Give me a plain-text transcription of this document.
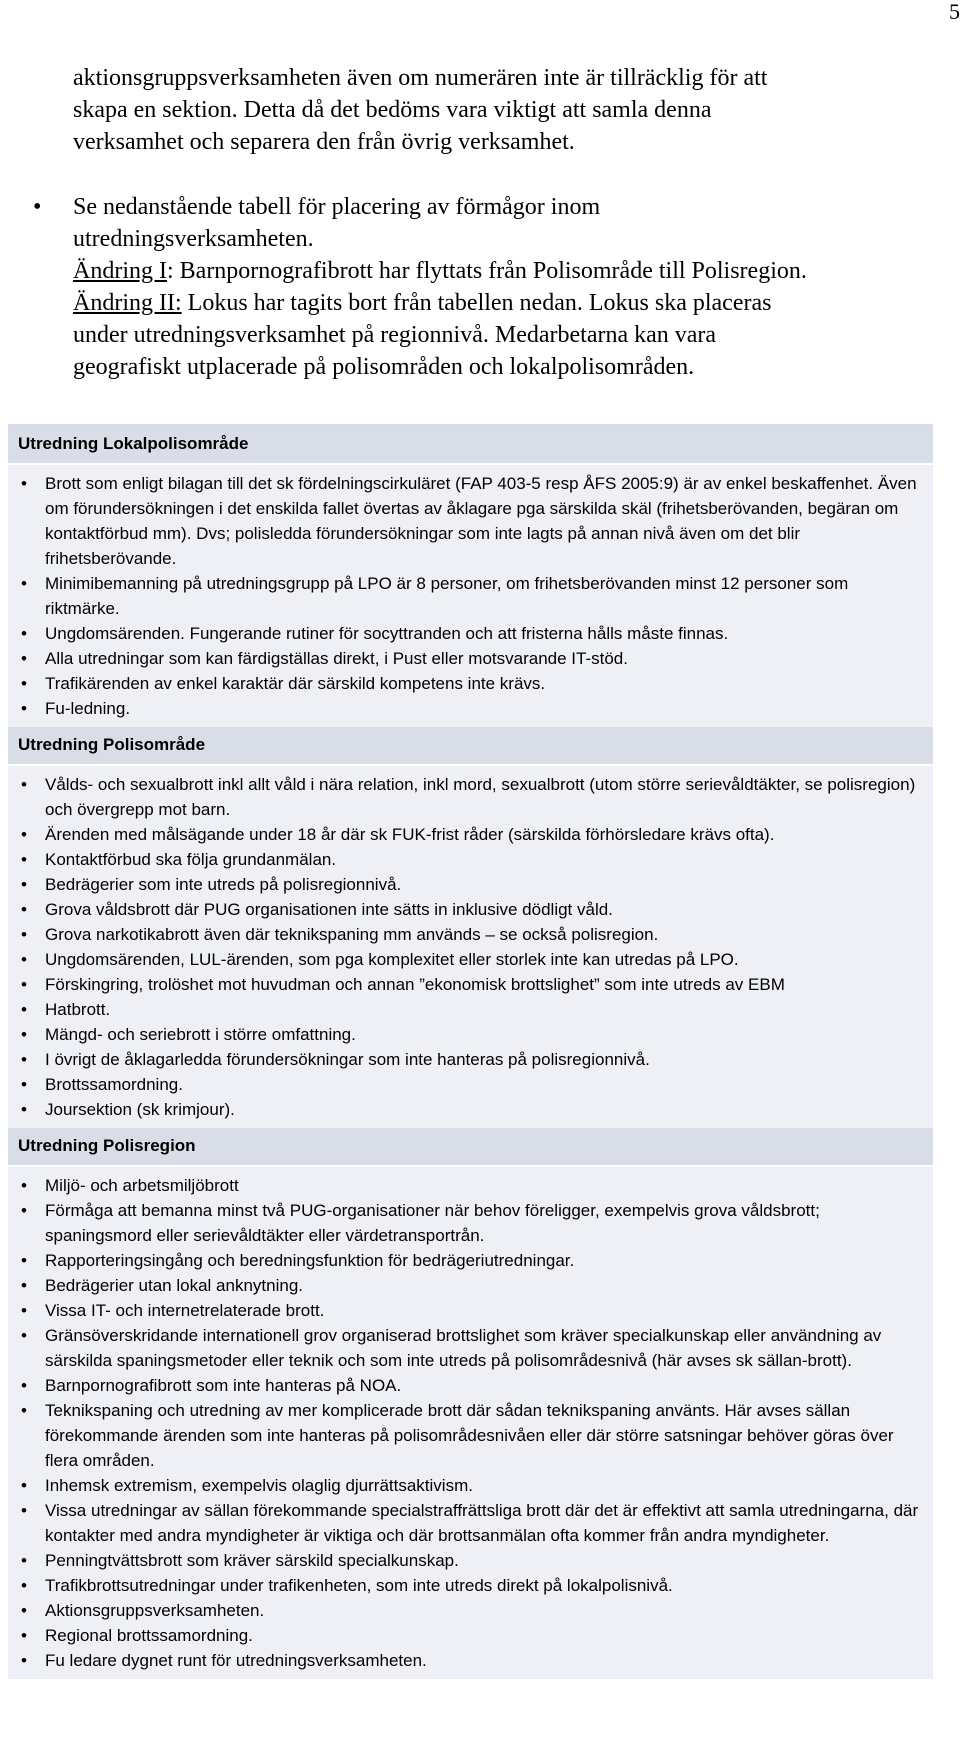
5

aktionsgruppsverksamheten även om numerären inte är tillräcklig för att

skapa en sektion. Detta då det bedöms vara viktigt att samla denna

verksamhet och separera den från övrig verksamhet.

• Se nedanstående tabell för placering av förmågor inom

utredningsverksamheten.

Ändring I: Barnpornografibrott har flyttats från Polisområde till Polisregion.

Ändring II: Lokus har tagits bort från tabellen nedan. Lokus ska placeras

under utredningsverksamhet på regionnivå. Medarbetarna kan vara

geografiskt utplacerade på polisområden och lokalpolisområden.

Utredning Lokalpolisområde
• Brott som enligt bilagan till det sk fördelningscirkuläret (FAP 403-5 resp ÅFS 2005:9) är av enkel beskaffenhet. Även om förundersökningen i det enskilda fallet övertas av åklagare pga särskilda skäl (frihetsberövanden, begäran om kontaktförbud mm). Dvs; polisledda förundersökningar som inte lagts på annan nivå även om det blir frihetsberövande.
• Minimibemanning på utredningsgrupp på LPO är 8 personer, om frihetsberövanden minst 12 personer som riktmärke.
• Ungdomsärenden. Fungerande rutiner för socyttranden och att fristerna hålls måste finnas.
• Alla utredningar som kan färdigställas direkt, i Pust eller motsvarande IT-stöd.
• Trafikärenden av enkel karaktär där särskild kompetens inte krävs.
• Fu-ledning.
Utredning Polisområde
• Vålds- och sexualbrott inkl allt våld i nära relation, inkl mord, sexualbrott (utom större serievåldtäkter, se polisregion) och övergrepp mot barn.
• Ärenden med målsägande under 18 år där sk FUK-frist råder (särskilda förhörsledare krävs ofta).
• Kontaktförbud ska följa grundanmälan.
• Bedrägerier som inte utreds på polisregionnivå.
• Grova våldsbrott där PUG organisationen inte sätts in inklusive dödligt våld.
• Grova narkotikabrott även där teknikspaning mm används – se också polisregion.
• Ungdomsärenden, LUL-ärenden, som pga komplexitet eller storlek inte kan utredas på LPO.
• Förskingring, trolöshet mot huvudman och annan ”ekonomisk brottslighet” som inte utreds av EBM
• Hatbrott.
• Mängd- och seriebrott i större omfattning.
• I övrigt de åklagarledda förundersökningar som inte hanteras på polisregionnivå.
• Brottssamordning.
• Joursektion (sk krimjour).
Utredning Polisregion
• Miljö- och arbetsmiljöbrott
• Förmåga att bemanna minst två PUG-organisationer när behov föreligger, exempelvis grova våldsbrott; spaningsmord eller serievåldtäkter eller värdetransportrån.
• Rapporteringsingång och beredningsfunktion för bedrägeriutredningar.
• Bedrägerier utan lokal anknytning.
• Vissa IT- och internetrelaterade brott.
• Gränsöverskridande internationell grov organiserad brottslighet som kräver specialkunskap eller användning av särskilda spaningsmetoder eller teknik och som inte utreds på polisområdesnivå (här avses sk sällan-brott).
• Barnpornografibrott som inte hanteras på NOA.
• Teknikspaning och utredning av mer komplicerade brott där sådan teknikspaning använts. Här avses sällan förekommande ärenden som inte hanteras på polisområdesnivåen eller där större satsningar behöver göras över flera områden.
• Inhemsk extremism, exempelvis olaglig djurrättsaktivism.
• Vissa utredningar av sällan förekommande specialstraffrättsliga brott där det är effektivt att samla utredningarna, där kontakter med andra myndigheter är viktiga och där brottsanmälan ofta kommer från andra myndigheter.
• Penningtvättsbrott som kräver särskild specialkunskap.
• Trafikbrottsutredningar under trafikenheten, som inte utreds direkt på lokalpolisnivå.
• Aktionsgruppsverksamheten.
• Regional brottssamordning.
• Fu ledare dygnet runt för utredningsverksamheten.
